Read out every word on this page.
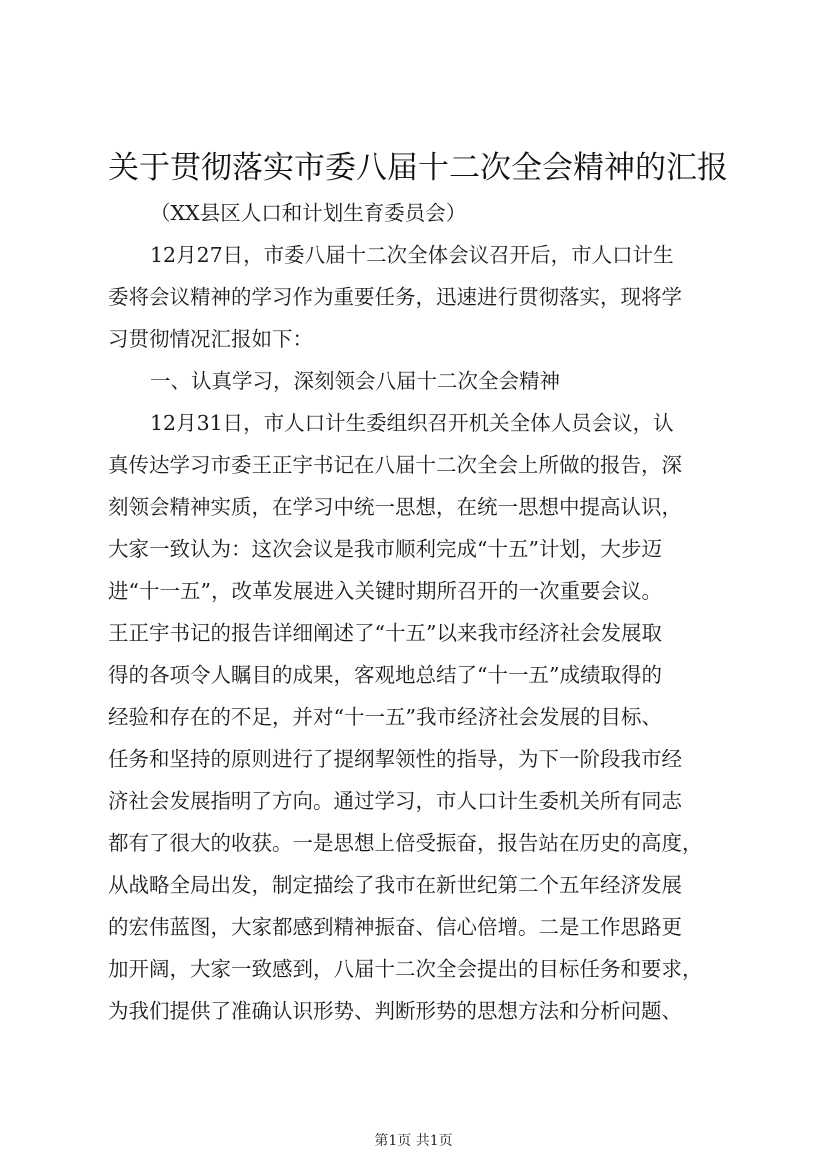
关于贯彻落实市委八届十二次全会精神的汇报
（XX县区人口和计划生育委员会）
12月27日，市委八届十二次全体会议召开后，市人口计生
委将会议精神的学习作为重要任务，迅速进行贯彻落实，现将学
习贯彻情况汇报如下：
一、认真学习，深刻领会八届十二次全会精神
12月31日，市人口计生委组织召开机关全体人员会议，认
真传达学习市委王正宇书记在八届十二次全会上所做的报告，深
刻领会精神实质，在学习中统一思想，在统一思想中提高认识，
大家一致认为：这次会议是我市顺利完成“十五”计划，大步迈
进“十一五”，改革发展进入关键时期所召开的一次重要会议。
王正宇书记的报告详细阐述了“十五”以来我市经济社会发展取
得的各项令人瞩目的成果，客观地总结了“十一五”成绩取得的
经验和存在的不足，并对“十一五”我市经济社会发展的目标、
任务和坚持的原则进行了提纲挈领性的指导，为下一阶段我市经
济社会发展指明了方向。通过学习，市人口计生委机关所有同志
都有了很大的收获。一是思想上倍受振奋，报告站在历史的高度，
从战略全局出发，制定描绘了我市在新世纪第二个五年经济发展
的宏伟蓝图，大家都感到精神振奋、信心倍增。二是工作思路更
加开阔，大家一致感到，八届十二次全会提出的目标任务和要求，
为我们提供了准确认识形势、判断形势的思想方法和分析问题、
第1页 共1页
